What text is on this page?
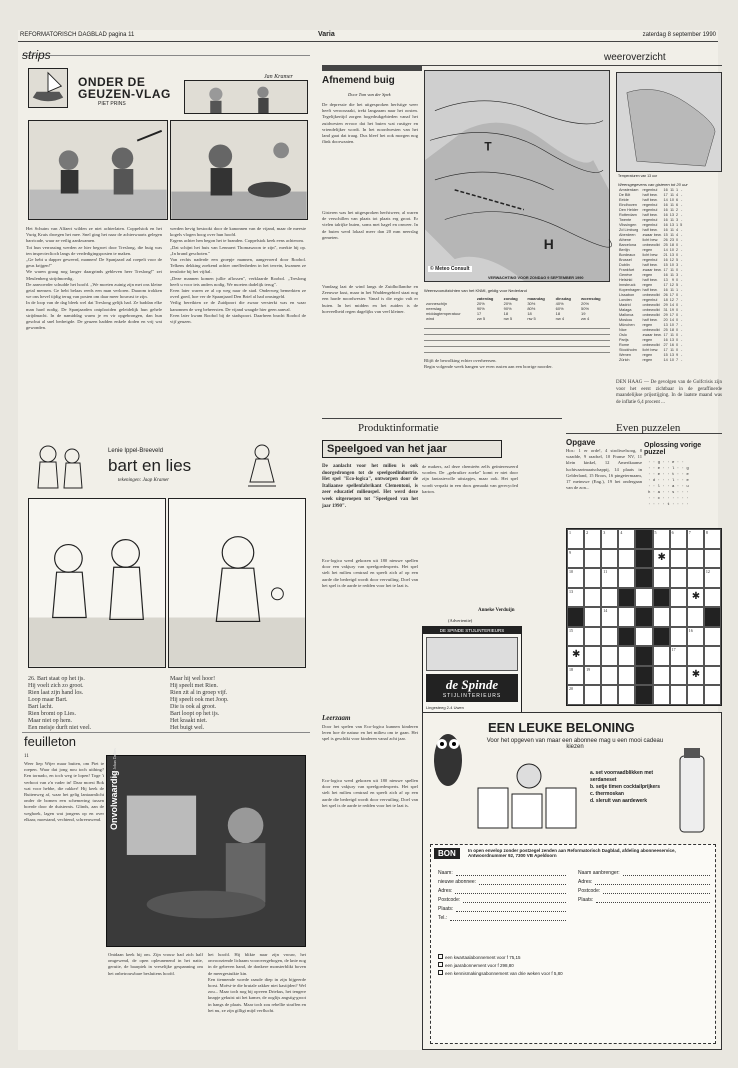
REFORMATORISCH DAGBLAD pagina 11	Varia	zaterdag 8 september 1990
strips
ONDER DE GEUZEN-VLAG
PIET PRINS
Jan Kramer
Het Schuim van Alfaert wilden ze niet achterlaten. Coppelstok en het Vurig Kruis droegen het mee. Snel ging het naar de achterwaarts gelegen barricade, waar ze veilig aankwamen.
Tot hun verrassing werden ze hier begroet door Treslong, die buig was ten inspecteclioch langs de verdedigingsposten te maken.
„Ge hebt u dapper geweerd, mannen! De Spanjaard zal roepelt voor de geus krijgen!"
We waren graag nog langer daargrinds gebleven heer Treslong!" zei Meulenberg strijdmoedig.
De aanvoerder schudde het hoofd. „We moeten zuinig zijn met ons kleine getal mensen. Ge hebt belaas reeds een man verloren. Daarom trokken we ons hevel tijdig terug van posten om daar meer houvast te zijn.
In de loop van de dag bleek wel dat Treslong gelijk had. Ze baddan elke man hard nodig. De Spanjaarden ontplooiden geleidelijk hun gehele strijdmacht. In de namiddag warm je en vir opgebrongen, dan hun gescbut al snel bedreigde. De geuzen hadden enkele doden en vrij wat gewonden.
werden hevig bestookt door de kanonnen van de vijand, maar de meeste kogels vlogen hoog over hun hoofd.
Ergens achter hen begon het te branden. Coppelstok keek eens achterom.
„Dat schijnt het huis van Lennaert Thomaszoon te zijn", merkte hij op. „In brand geschoten."
Van rechts naderde een groepje mannen, aangevoerd door Roobol. Telkens dekking zoekend achter oneffenheden in het terrein, kwamen ze tenslotte bij het vijftal.
„Deze mannen komen jullie aflossen", verklaarde Roobol. „Treslong heeft u voor iets anders nodig. We moeten dadelijk terug".
Even later waren ze al op weg naar de stad. Onderweg bemerkten ze overl goed, hoe ver de Spaanjaard Den Briel al had omsingeld.
Veilig bereikten ze de Zuidpoort die zwaar versterkt was en waar kanonnen de weg beheersten. De vijand waagde hier geen aanval.
Even later kwam Roobol bij de stadspoort. Daarheen bracht Roobol de vijf geuzen.
Lenie Ippel-Breeveld
bart en lies
tekeningen: Jaap Kramer
26. Bart staat op het ijs.
Hij voelt zich zo groot.
Rien laat zijn hand los.
Loop maar Bart.
Bart lacht.
Rien bromt op Lies.
Maar niet op hem.
Een meisje durft niet veel.
Maar hij wel hoor!
Hij speelt met Rien.
Rien zit al in groep vijf.
Hij speelt ook met Joop.
Die is ook al groot.
Bart loopt op het ijs.
Het kraakt niet.
Het buigt wel.
feuilleton
11
Weer liep Wijer maar buiten, om Piet te roepen. Waar dat jong nou toch uithing? Een tornado, en toch weg te lopen! Toge 't verboot van z'n vader in! Daar moest Bok wat voor hebbe, die rakker! Hij keek de Buitenweg af, waar het gelig lantaarnlicht onder de bomen een schemering tussen boerde door de duisternis. Glinds, aan de weghoek, lagen wat jongens op en over elkaar, moestand, vechtend, schreeuwend. Onvolwaardig
door Johan Dalbes
Ontdaan keek hij om. Zijn vrouw had zich half omgewend, de open opleunenend in het natte, geruite, de baarpiek in vreselijke gespanning om het onbetrouwbare besluitens hoofd.
het hoofd. Hij blikte naar zijn vrouw, het onvoorziende lichaam voorovergebogen, de knie nog in de gebeven hand, de donkere monsterblikt boven de meergestuikte kin.
Een tiennende woede raasde diep in zijn bijgeerde borst. Moèst-ie die brutale rakker niet kastijden? Wel zou... Maar toch nog bij opveen Driekus, het tengere knapje gekuist uit het kamer, de ooglijs angstig-groot in hangs de plaats. Maar toch zou rebellie straffen en het nu, ze zijn gilligt mijd verflucht.
weeroverzicht
Afnemend buig
Door Tom van der Spek
De depressie die het uitgesproken herfstige weer heeft veroorzaakt, trekt langzaam naar het oosten. Tegelijkertijd zorgen hogedrukgebieden vanaf het zuidwesten ervoor dat het buien wat rustiger en vriendelijker wordt. In het noordwesten van het land gaat dat traag. Dus bleef het ook morgen nog flink doorwaaien.
Gisteren was het uitgesproken herfstweer, al waren de verschillen van plaats tot plaats erg groot. Er vielen talrijke buien, soms met hagel en onweer. In de buien werd lokaal meer dan 20 mm neerslag gemeten.
Vandaag laat de wind langs de Zuidhollandse en Zeeuwse kust, maar in het Waddengebied staat nog een harde noordwester. Vanaf is die regio valt er buien. In het midden en het zuiden is de hoeveelheid regen dagelijks van veel kleiner.
H
T
© Meteo Consult
VERWACHTING VOOR ZONDAG 9 SEPTEMBER 1990
Weersvooruitzichten van het KNMI, geldig voor Nederland
	zaterdag	zondag	maandag	dinsdag	woensdag
zonneschijn	20%	20%	30%	40%	20%
neerslag	90%	90%	80%	60%	50%
middagtemperatuur	17	18	18	18	19
wind	zw 5	nw 5	nw 5	nw 4	zw 4
Blijft de bewolking echter overheersen.
Begin volgende week hangen we even rusten aan een borrige noorder.
Temperaturen van 13 uur
Weersgegevens van gisteren tot 20 uur
Amsterdam	regenbui	16	11	1	-
De Bilt	half bew.	17	11	4	-
Eelde	half bew.	14	10	6	-
Eindhoven	regenbui	16	11	6	-
Den Helder	regenbui	16	11	2	-
Rotterdam	half bew.	16	13	2	-
Twente	regenbui	16	11	3	-
Vlissingen	regenbui	16	13	1	5
Zd Limburg	half bew.	16	11	4	-
Aberdeen	zwaar bew.	15	11	4	-
Athene	licht bew.	26	23	0	-
Barcelona	onbewolkt	25	18	0	-
Berlijn	regen	14	10	2	-
Bordeaux	licht bew.	21	13	0	-
Brussel	regenbui	16	12	5	-
Dublin	half bew.	15	10	3	-
Frankfurt	zwaar bew.	17	11	0	-
Genève	regen	16	11	3	-
Helsinki	half bew.	13	9	0	-
Innsbruck	regen	17	12	5	-
Kopenhagen	half bew.	16	11	1	-
Lissabon	onbewolkt	26	17	0	-
Londen	regenbui	18	12	7	-
Madrid	onbewolkt	29	14	0	-
Malaga	onbewolkt	31	19	0	-
Mallorca	onbewolkt	29	17	0	-
Moskou	half bew.	20	14	0	-
München	regen	13	10	7	-
Nice	onbewolkt	25	18	0	-
Oslo	zwaar bew.	17	11	0	-
Parijs	regen	16	13	0	-
Rome	onbewolkt	27	16	0	-
Stockholm	licht bew.	17	11	0	-
Wenen	regen	15	13	9	-
Zürich	regen	14	10	7	-
DEN HAAG — De gevolgen van de Golfcrisis zijn voor het eerst zichtbaar in de geraffinerde maandelijkse prijsstijging. In de laatste maand was de inflatie 6,4 procent ...
Produktinformatie
Speelgoed van het jaar
De aanlacht voor het milieu is ook doorgedrongen tot de speelgoedindustrie. Het spel "Eco-logica", ontworpen door de Italiaanse spellenfabrikant Clementoni, is zeer educatief milieuspel. Het werd deze week uitgeroepen tot "Speelgoed van het jaar 1990".
Eco-logica werd gekozen uit 180 nieuwe spellen door een vakjury van speelgoedexperts. Het spel stelt het milieu centraal en speelt zich af op een aarde die bedreigd wordt door vervuiling. Doel van het spel is de aarde te redden voor het te laat is.
de makers, zal deze chemieën zelfs geïnteresseerd worden. De „gebruiker zoeke" komt er niet door zijn fantasievolle uitstapjes, maar ook. Het spel wordt verpakt in een doos gemaakt van gerecycled karton.
Anneke Verduijn
(Advertentie)
DE SPINDE STIJLINTERIEURS
de Spinde
STIJLINTERIEURS
Lingesteeg 2-4 Uwen
Leerzaam
Door het spelen van Eco-logica kunnen kinderen leren hoe de natuur en het milieu om te gaan. Het spel is geschikt voor kinderen vanaf acht jaar.
Eco-logica werd gekozen uit 180 nieuwe spellen door een vakjury van speelgoedexperts. Het spel stelt het milieu centraal en speelt zich af op een aarde die bedreigd wordt door vervuiling. Doel van het spel is de aarde te redden voor het te laat is.
Even puzzelen
Opgave
Hor.: 1 er orde!, 4 stroliwelsoog, 8 waadde, 9 raadsel, 10 Franse NV, 11 klein kinkel, 12 Amerikaanse luchtvaartmaatschappij, 14 plaats in Gelderland, 15 Broos, 16 pingeiermaam, 17 meinswe (Eng.), 19 het ondergaan van de zon...
Oplossing vorige puzzel
· · g · · e · ·
· · e · · l · · g
· · e · · t · · e
· d · · · l · · e
· · l · · a · · u
h · a · · s · · ·
· · c · · · · · ·
· · · · t · · · ·
1	2	3	4	5	6	7	8
9	✱
10	11	12
13	✱
14
15	16
✱	17
18	19	✱
20
EEN LEUKE BELONING
Voor het opgeven van maar een abonnee mag u een mooi cadeau kiezen
a. set voorraadblikken met serdaneset
b. setje timen cocktailprijkers
c. thermoskan
d. sleruit van aardewerk
BON	In open envelop zonder postzegel zenden aan Reformatorisch Dagblad, afdeling abonneeservice, Antwoordnummer 92, 7300 VB Apeldoorn
Naam:
nieuwe abonnee:
Adres:
Postcode:
Plaats:
Tel.:
Naam aanbrenger:
Adres:
Postcode:
Plaats:
een kwartaalabonnement voor f 75,15
een jaarabonnement voor f 298,80
een kennismakingsabonnement van drie weken voor f 5,80
